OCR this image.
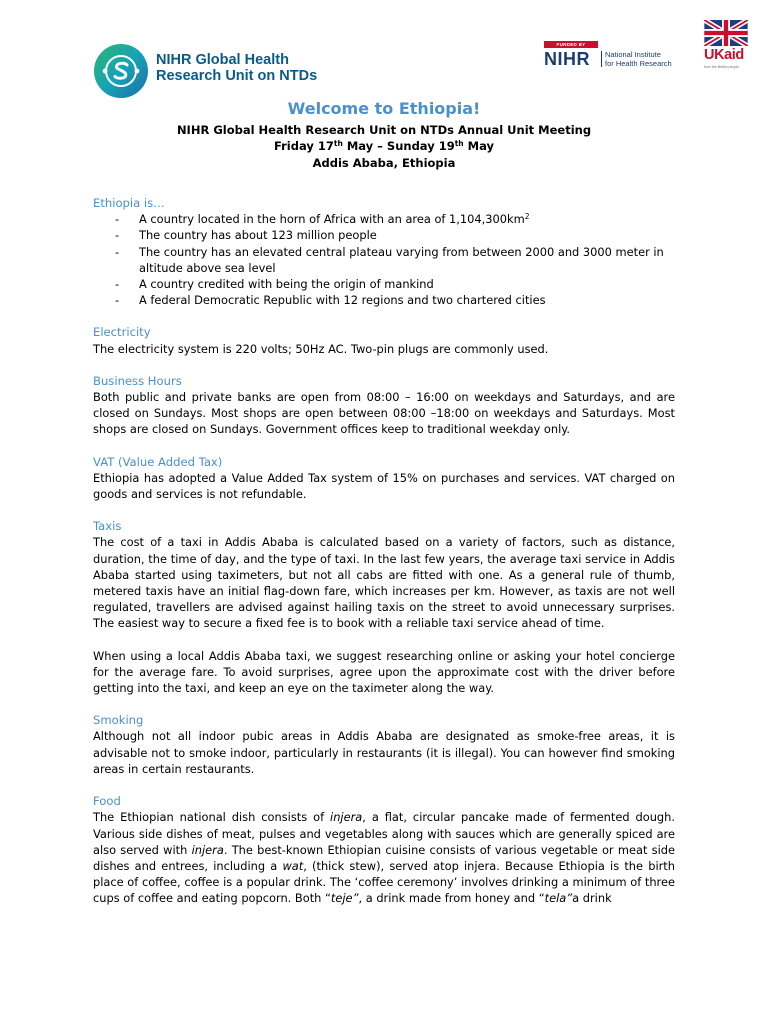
NIHR Global Health
Research Unit on NTDs
FUNDED BY
NIHR National Institute
for Health Research UKaid
from the British people
Welcome to Ethiopia!
NIHR Global Health Research Unit on NTDs Annual Unit Meeting
Friday 17th May – Sunday 19th May
Addis Ababa, Ethiopia
Ethiopia is…
- A country located in the horn of Africa with an area of $1,104,300km^2$
- The country has about 123 million people
- The country has an elevated central plateau varying from between 2000 and 3000 meter in altitude above sea level
- A country credited with being the origin of mankind
- A federal Democratic Republic with 12 regions and two chartered cities
Electricity

The electricity system is 220 volts; 50Hz AC. Two-pin plugs are commonly used.

Business Hours

Both public and private banks are open from 08:00 – 16:00 on weekdays and Saturdays, and are closed on Sundays. Most shops are open between 08:00 –18:00 on weekdays and Saturdays. Most shops are closed on Sundays. Government offices keep to traditional weekday only.

VAT (Value Added Tax)

Ethiopia has adopted a Value Added Tax system of 15% on purchases and services. VAT charged on goods and services is not refundable.

Taxis

The cost of a taxi in Addis Ababa is calculated based on a variety of factors, such as distance, duration, the time of day, and the type of taxi. In the last few years, the average taxi service in Addis Ababa started using taximeters, but not all cabs are fitted with one. As a general rule of thumb, metered taxis have an initial flag-down fare, which increases per km. However, as taxis are not well regulated, travellers are advised against hailing taxis on the street to avoid unnecessary surprises. The easiest way to secure a fixed fee is to book with a reliable taxi service ahead of time.

When using a local Addis Ababa taxi, we suggest researching online or asking your hotel concierge for the average fare. To avoid surprises, agree upon the approximate cost with the driver before getting into the taxi, and keep an eye on the taximeter along the way.

Smoking

Although not all indoor pubic areas in Addis Ababa are designated as smoke-free areas, it is advisable not to smoke indoor, particularly in restaurants (it is illegal). You can however find smoking areas in certain restaurants.

Food

The Ethiopian national dish consists of injera, a flat, circular pancake made of fermented dough. Various side dishes of meat, pulses and vegetables along with sauces which are generally spiced are also served with injera. The best-known Ethiopian cuisine consists of various vegetable or meat side dishes and entrees, including a wat, (thick stew), served atop injera. Because Ethiopia is the birth place of coffee, coffee is a popular drink. The ‘coffee ceremony’ involves drinking a minimum of three cups of coffee and eating popcorn. Both “teje”, a drink made from honey and “tela”a drink
